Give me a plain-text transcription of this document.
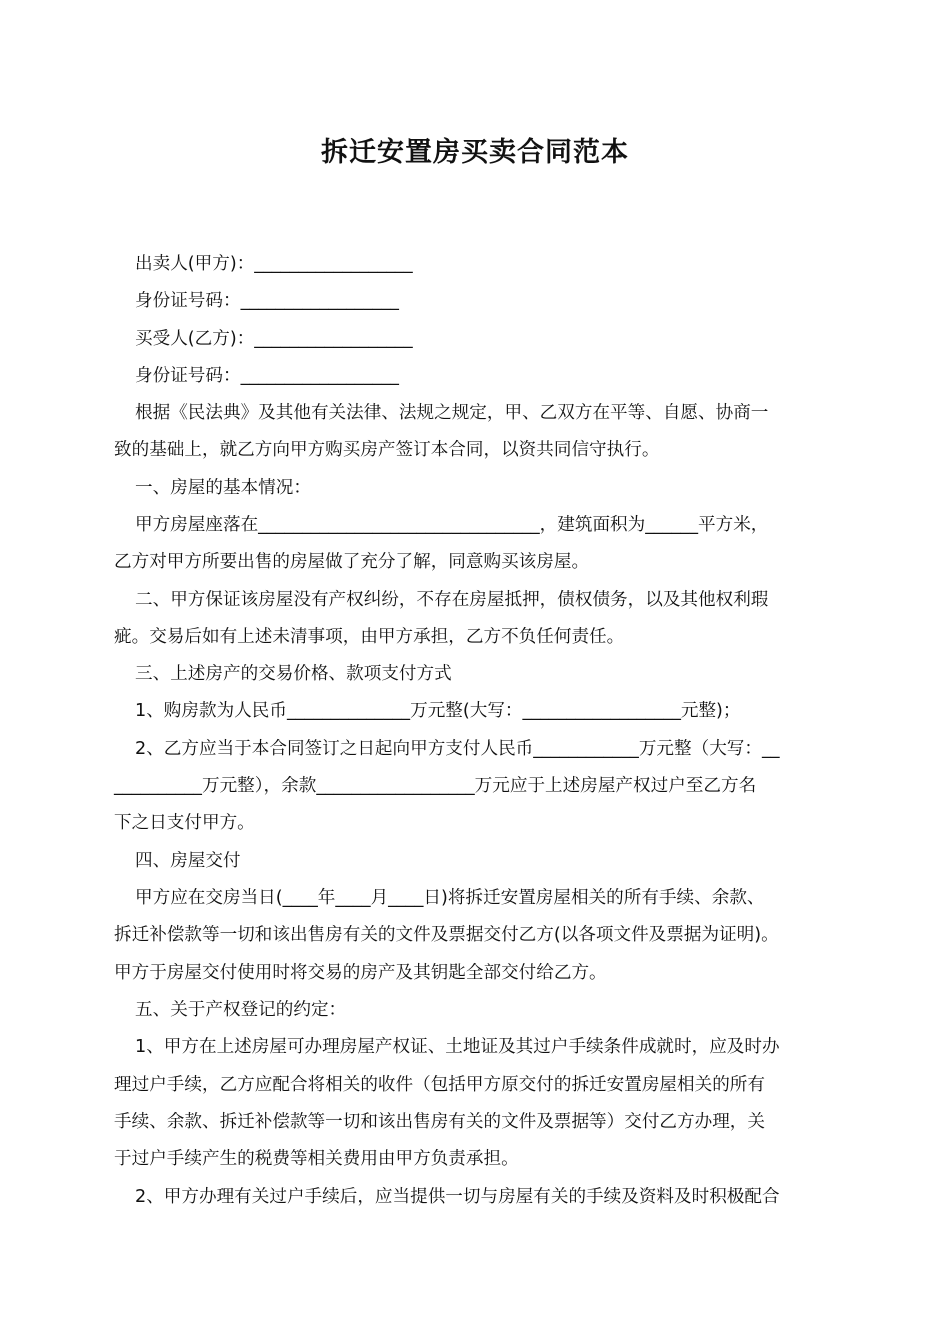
拆迁安置房买卖合同范本
出卖人(甲方)：__________________
身份证号码：__________________
买受人(乙方)：__________________
身份证号码：__________________
根据《民法典》及其他有关法律、法规之规定，甲、乙双方在平等、自愿、协商一
致的基础上，就乙方向甲方购买房产签订本合同，以资共同信守执行。
一、房屋的基本情况：
甲方房屋座落在________________________________，建筑面积为______平方米，
乙方对甲方所要出售的房屋做了充分了解，同意购买该房屋。
二、甲方保证该房屋没有产权纠纷，不存在房屋抵押，债权债务，以及其他权利瑕
疵。交易后如有上述未清事项，由甲方承担，乙方不负任何责任。
三、上述房产的交易价格、款项支付方式
1、购房款为人民币______________万元整(大写：__________________元整)；
2、乙方应当于本合同签订之日起向甲方支付人民币____________万元整（大写：__
__________万元整），余款__________________万元应于上述房屋产权过户至乙方名
下之日支付甲方。
四、房屋交付
甲方应在交房当日(____年____月____日)将拆迁安置房屋相关的所有手续、余款、
拆迁补偿款等一切和该出售房有关的文件及票据交付乙方(以各项文件及票据为证明)。
甲方于房屋交付使用时将交易的房产及其钥匙全部交付给乙方。
五、关于产权登记的约定：
1、甲方在上述房屋可办理房屋产权证、土地证及其过户手续条件成就时，应及时办
理过户手续，乙方应配合将相关的收件（包括甲方原交付的拆迁安置房屋相关的所有
手续、余款、拆迁补偿款等一切和该出售房有关的文件及票据等）交付乙方办理，关
于过户手续产生的税费等相关费用由甲方负责承担。
2、甲方办理有关过户手续后，应当提供一切与房屋有关的手续及资料及时积极配合
